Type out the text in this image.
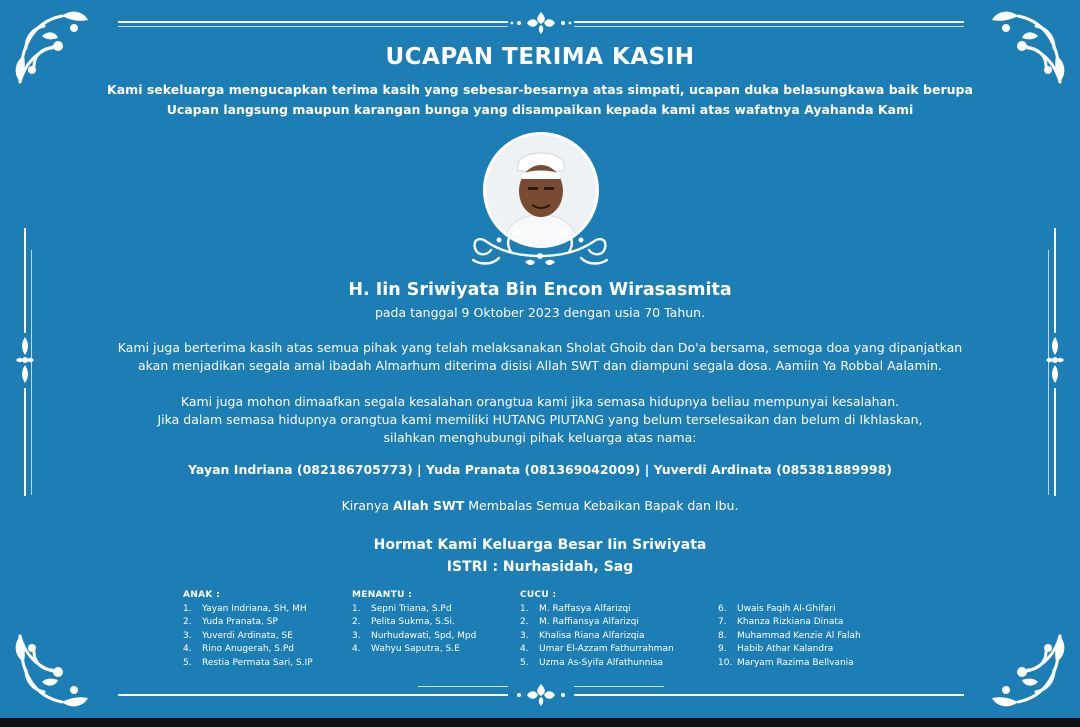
UCAPAN TERIMA KASIH
Kami sekeluarga mengucapkan terima kasih yang sebesar-besarnya atas simpati, ucapan duka belasungkawa baik berupa
Ucapan langsung maupun karangan bunga yang disampaikan kepada kami atas wafatnya Ayahanda Kami
H. Iin Sriwiyata Bin Encon Wirasasmita
pada tanggal 9 Oktober 2023 dengan usia 70 Tahun.
Kami juga berterima kasih atas semua pihak yang telah melaksanakan Sholat Ghoib dan Do'a bersama, semoga doa yang dipanjatkan
akan menjadikan segala amal ibadah Almarhum diterima disisi Allah SWT dan diampuni segala dosa. Aamiin Ya Robbal Aalamin.
Kami juga mohon dimaafkan segala kesalahan orangtua kami jika semasa hidupnya beliau mempunyai kesalahan.
Jika dalam semasa hidupnya orangtua kami memiliki HUTANG PIUTANG yang belum terselesaikan dan belum di Ikhlaskan,
silahkan menghubungi pihak keluarga atas nama:
Yayan Indriana (082186705773) | Yuda Pranata (081369042009) | Yuverdi Ardinata (085381889998)
Kiranya Allah SWT Membalas Semua Kebaikan Bapak dan Ibu.
Hormat Kami Keluarga Besar Iin Sriwiyata
ISTRI : Nurhasidah, Sag
ANAK :
1. Yayan Indriana, SH, MH
2. Yuda Pranata, SP
3. Yuverdi Ardinata, SE
4. Rino Anugerah, S.Pd
5. Restia Permata Sari, S.IP
MENANTU :
1. Sepni Triana, S.Pd
2. Pelita Sukma, S.Si.
3. Nurhudawati, Spd, Mpd
4. Wahyu Saputra, S.E
CUCU :
1. M. Raffasya Alfarizqi
2. M. Raffiansya Alfarizqi
3. Khalisa Riana Alfarizqia
4. Umar El-Azzam Fathurrahman
5. Uzma As-Syifa Alfathunnisa

6. Uwais Faqih Al-Ghifari
7. Khanza Rizkiana Dinata
8. Muhammad Kenzie Al Falah
9. Habib Athar Kalandra
10. Maryam Razima Bellvania
